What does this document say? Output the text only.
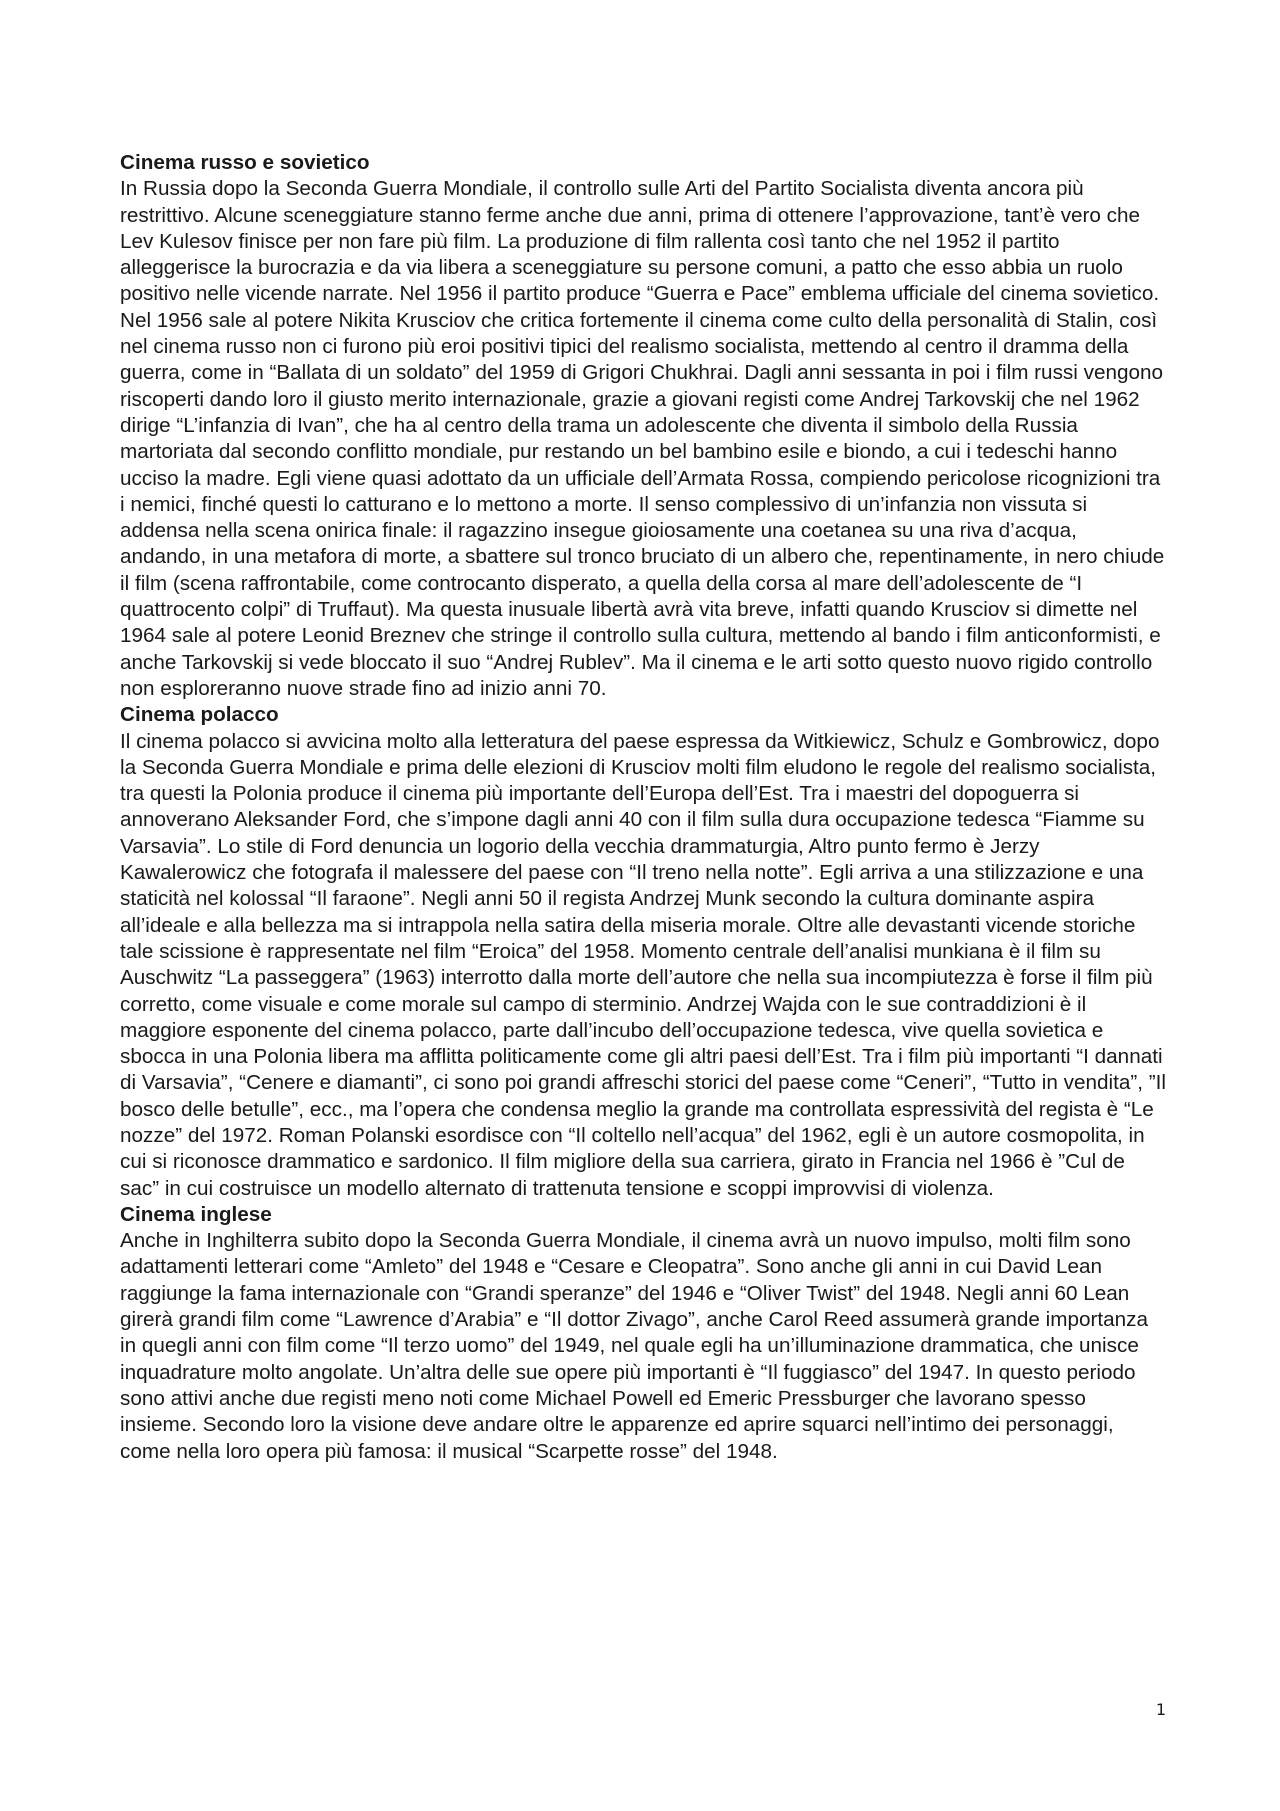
Cinema russo e sovietico

In Russia dopo la Seconda Guerra Mondiale, il controllo sulle Arti del Partito Socialista diventa ancora più restrittivo. Alcune sceneggiature stanno ferme anche due anni, prima di ottenere l’approvazione, tant’è vero che Lev Kulesov finisce per non fare più film. La produzione di film rallenta così tanto che nel 1952 il partito alleggerisce la burocrazia e da via libera a sceneggiature su persone comuni, a patto che esso abbia un ruolo positivo nelle vicende narrate. Nel 1956 il partito produce “Guerra e Pace” emblema ufficiale del cinema sovietico. Nel 1956 sale al potere Nikita Krusciov che critica fortemente il cinema come culto della personalità di Stalin, così nel cinema russo non ci furono più eroi positivi tipici del realismo socialista, mettendo al centro il dramma della guerra, come in “Ballata di un soldato” del 1959 di Grigori Chukhrai. Dagli anni sessanta in poi i film russi vengono riscoperti dando loro il giusto merito internazionale, grazie a giovani registi come Andrej Tarkovskij che nel 1962 dirige “L’infanzia di Ivan”, che ha al centro della trama un adolescente che diventa il simbolo della Russia martoriata dal secondo conflitto mondiale, pur restando un bel bambino esile e biondo, a cui i tedeschi hanno ucciso la madre. Egli viene quasi adottato da un ufficiale dell’Armata Rossa, compiendo pericolose ricognizioni tra i nemici, finché questi lo catturano e lo mettono a morte. Il senso complessivo di un’infanzia non vissuta si addensa nella scena onirica finale: il ragazzino insegue gioiosamente una coetanea su una riva d’acqua, andando, in una metafora di morte, a sbattere sul tronco bruciato di un albero che, repentinamente, in nero chiude il film (scena raffrontabile, come controcanto disperato, a quella della corsa al mare dell’adolescente de “I quattrocento colpi” di Truffaut). Ma questa inusuale libertà avrà vita breve, infatti quando Krusciov si dimette nel 1964 sale al potere Leonid Breznev che stringe il controllo sulla cultura, mettendo al bando i film anticonformisti, e anche Tarkovskij si vede bloccato il suo “Andrej Rublev”. Ma il cinema e le arti sotto questo nuovo rigido controllo non esploreranno nuove strade fino ad inizio anni 70.

Cinema polacco

Il cinema polacco si avvicina molto alla letteratura del paese espressa da Witkiewicz, Schulz e Gombrowicz, dopo la Seconda Guerra Mondiale e prima delle elezioni di Krusciov molti film eludono le regole del realismo socialista, tra questi la Polonia produce il cinema più importante dell’Europa dell’Est. Tra i maestri del dopoguerra si annoverano Aleksander Ford, che s’impone dagli anni 40 con il film sulla dura occupazione tedesca “Fiamme su Varsavia”. Lo stile di Ford denuncia un logorio della vecchia drammaturgia, Altro punto fermo è Jerzy Kawalerowicz che fotografa il malessere del paese con “Il treno nella notte”. Egli arriva a una stilizzazione e una staticità nel kolossal “Il faraone”. Negli anni 50 il regista Andrzej Munk secondo la cultura dominante aspira all’ideale e alla bellezza ma si intrappola nella satira della miseria morale. Oltre alle devastanti vicende storiche tale scissione è rappresentate nel film “Eroica” del 1958. Momento centrale dell’analisi munkiana è il film su Auschwitz “La passeggera” (1963) interrotto dalla morte dell’autore che nella sua incompiutezza è forse il film più corretto, come visuale e come morale sul campo di sterminio. Andrzej Wajda con le sue contraddizioni è il maggiore esponente del cinema polacco, parte dall’incubo dell’occupazione tedesca, vive quella sovietica e sbocca in una Polonia libera ma afflitta politicamente come gli altri paesi dell’Est. Tra i film più importanti “I dannati di Varsavia”, “Cenere e diamanti”, ci sono poi grandi affreschi storici del paese come “Ceneri”, “Tutto in vendita”, ”Il bosco delle betulle”, ecc., ma l’opera che condensa meglio la grande ma controllata espressività del regista è “Le nozze” del 1972. Roman Polanski esordisce con “Il coltello nell’acqua” del 1962, egli è un autore cosmopolita, in cui si riconosce drammatico e sardonico. Il film migliore della sua carriera, girato in Francia nel 1966 è ”Cul de sac” in cui costruisce un modello alternato di trattenuta tensione e scoppi improvvisi di violenza.

Cinema inglese

Anche in Inghilterra subito dopo la Seconda Guerra Mondiale, il cinema avrà un nuovo impulso, molti film sono adattamenti letterari come “Amleto” del 1948 e “Cesare e Cleopatra”. Sono anche gli anni in cui David Lean raggiunge la fama internazionale con “Grandi speranze” del 1946 e “Oliver Twist” del 1948. Negli anni 60 Lean girerà grandi film come “Lawrence d’Arabia” e “Il dottor Zivago”, anche Carol Reed assumerà grande importanza in quegli anni con film come “Il terzo uomo” del 1949, nel quale egli ha un’illuminazione drammatica, che unisce inquadrature molto angolate. Un’altra delle sue opere più importanti è “Il fuggiasco” del 1947. In questo periodo sono attivi anche due registi meno noti come Michael Powell ed Emeric Pressburger che lavorano spesso insieme. Secondo loro la visione deve andare oltre le apparenze ed aprire squarci nell’intimo dei personaggi, come nella loro opera più famosa: il musical “Scarpette rosse” del 1948.

1
